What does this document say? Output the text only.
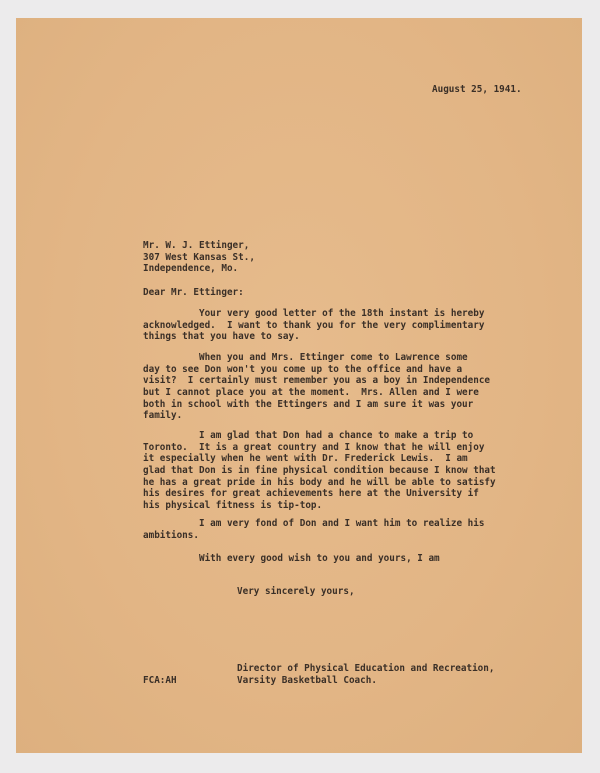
August 25, 1941.
Mr. W. J. Ettinger,
307 West Kansas St.,
Independence, Mo.
Dear Mr. Ettinger:
Your very good letter of the 18th instant is hereby
acknowledged.  I want to thank you for the very complimentary
things that you have to say.
When you and Mrs. Ettinger come to Lawrence some
day to see Don won't you come up to the office and have a
visit?  I certainly must remember you as a boy in Independence
but I cannot place you at the moment.  Mrs. Allen and I were
both in school with the Ettingers and I am sure it was your
family.
I am glad that Don had a chance to make a trip to
Toronto.  It is a great country and I know that he will enjoy
it especially when he went with Dr. Frederick Lewis.  I am
glad that Don is in fine physical condition because I know that
he has a great pride in his body and he will be able to satisfy
his desires for great achievements here at the University if
his physical fitness is tip-top.
I am very fond of Don and I want him to realize his
ambitions.
With every good wish to you and yours, I am
Very sincerely yours,
Director of Physical Education and Recreation,
Varsity Basketball Coach.
FCA:AH
